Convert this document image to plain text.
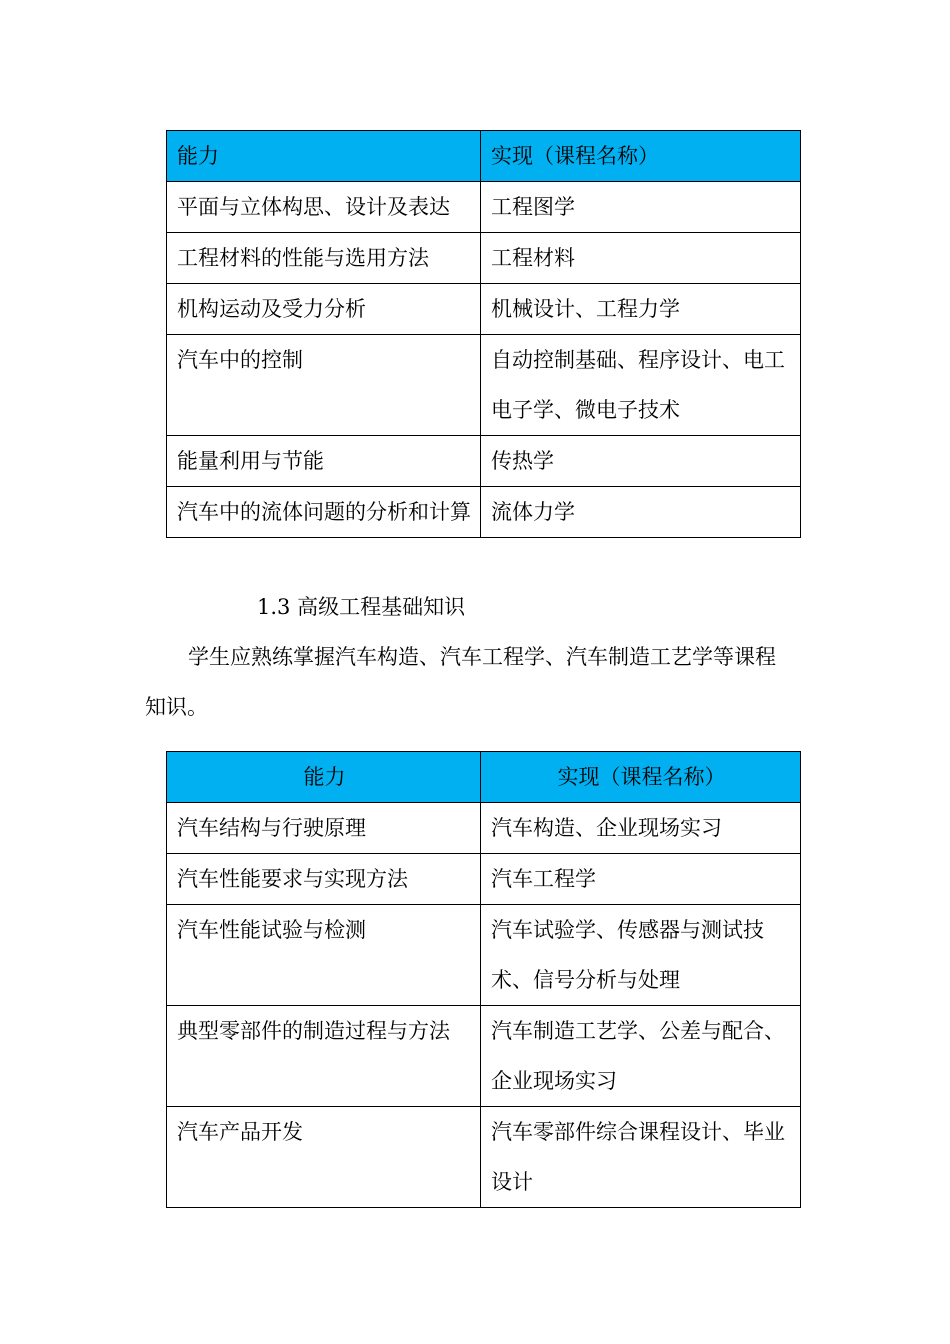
能力	实现（课程名称）
平面与立体构思、设计及表达	工程图学
工程材料的性能与选用方法	工程材料
机构运动及受力分析	机械设计、工程力学
汽车中的控制	自动控制基础、程序设计、电工电子学、微电子技术
能量利用与节能	传热学
汽车中的流体问题的分析和计算	流体力学
1.3 高级工程基础知识
学生应熟练掌握汽车构造、汽车工程学、汽车制造工艺学等课程
知识。
能力	实现（课程名称）
汽车结构与行驶原理	汽车构造、企业现场实习
汽车性能要求与实现方法	汽车工程学
汽车性能试验与检测	汽车试验学、传感器与测试技术、信号分析与处理
典型零部件的制造过程与方法	汽车制造工艺学、公差与配合、企业现场实习
汽车产品开发	汽车零部件综合课程设计、毕业设计
